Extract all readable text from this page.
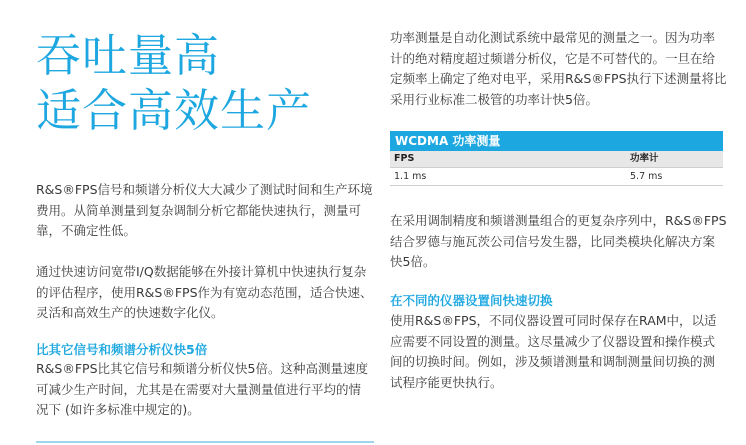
吞吐量高
适合高效生产
R&S®FPS信号和频谱分析仪大大减少了测试时间和生产环境
费用。从简单测量到复杂调制分析它都能快速执行，测量可
靠，不确定性低。
通过快速访问宽带I/Q数据能够在外接计算机中快速执行复杂
的评估程序，使用R&S®FPS作为有宽动态范围，适合快速、
灵活和高效生产的快速数字化仪。
比其它信号和频谱分析仪快5倍
R&S®FPS比其它信号和频谱分析仪快5倍。这种高测量速度
可减少生产时间，尤其是在需要对大量测量值进行平均的情
况下 (如许多标准中规定的)。
功率测量是自动化测试系统中最常见的测量之一。因为功率
计的绝对精度超过频谱分析仪，它是不可替代的。一旦在给
定频率上确定了绝对电平，采用R&S®FPS执行下述测量将比
采用行业标准二极管的功率计快5倍。
WCDMA 功率测量
FPS	功率计
1.1 ms	5.7 ms
在采用调制精度和频谱测量组合的更复杂序列中，R&S®FPS
结合罗德与施瓦茨公司信号发生器，比同类模块化解决方案
快5倍。
在不同的仪器设置间快速切换
使用R&S®FPS，不同仪器设置可同时保存在RAM中，以适
应需要不同设置的测量。这尽量减少了仪器设置和操作模式
间的切换时间。例如，涉及频谱测量和调制测量间切换的测
试程序能更快执行。
